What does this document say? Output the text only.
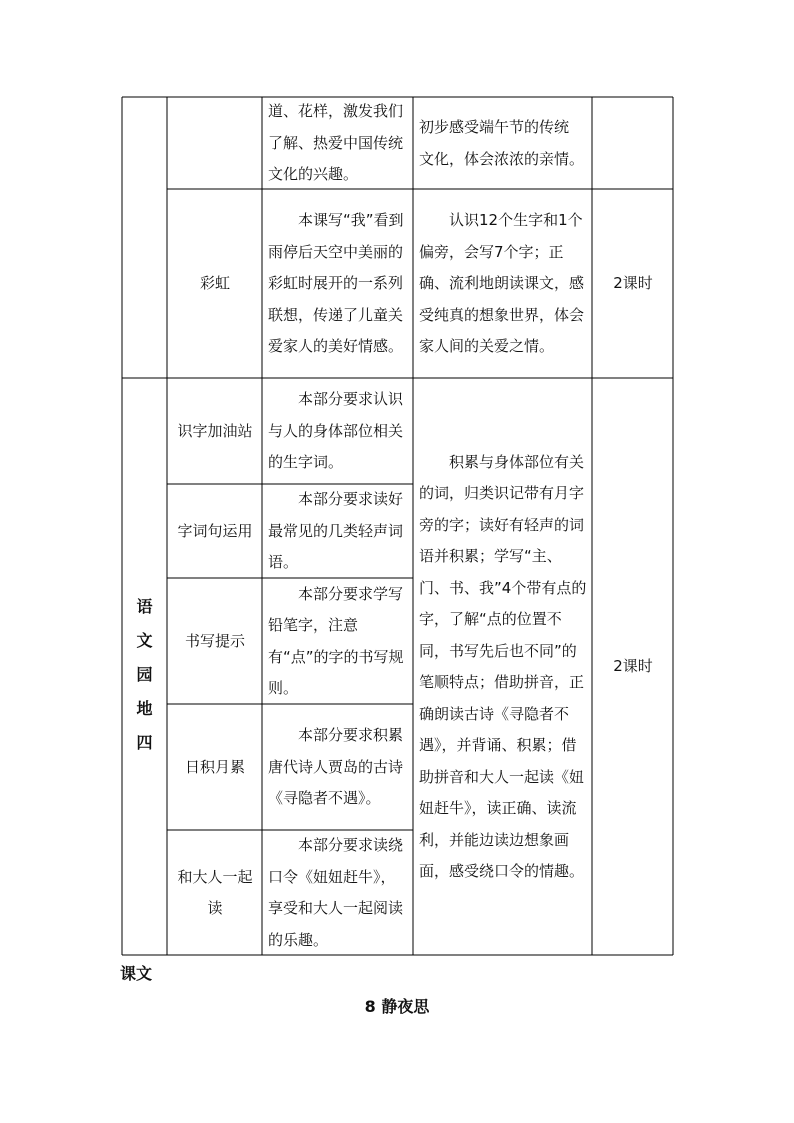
道、花样，激发我们
了解、热爱中国传统
文化的兴趣。

初步感受端午节的传统
文化，体会浓浓的亲情。

彩虹

本课写“我”看到雨停后天空中美丽的彩虹时展开的一系列联想，传递了儿童关爱家人的美好情感。

认识12个生字和1个偏旁，会写7个字；正确、流利地朗读课文，感受纯真的想象世界，体会家人间的关爱之情。

2课时
语
文
园
地
四
识字加油站

本部分要求认识与人的身体部位相关的生字词。

字词句运用

本部分要求读好最常见的几类轻声词语。

书写提示

本部分要求学写铅笔字，注意有“点”的字的书写规则。

日积月累

本部分要求积累唐代诗人贾岛的古诗《寻隐者不遇》。

和大人一起读

本部分要求读绕口令《妞妞赶牛》，享受和大人一起阅读的乐趣。

积累与身体部位有关的词，归类识记带有月字旁的字；读好有轻声的词语并积累；学写“主、门、书、我”4个带有点的字，了解“点的位置不同，书写先后也不同”的笔顺特点；借助拼音，正确朗读古诗《寻隐者不遇》，并背诵、积累；借助拼音和大人一起读《妞妞赶牛》，读正确、读流利，并能边读边想象画面，感受绕口令的情趣。

2课时
课文
8 静夜思
